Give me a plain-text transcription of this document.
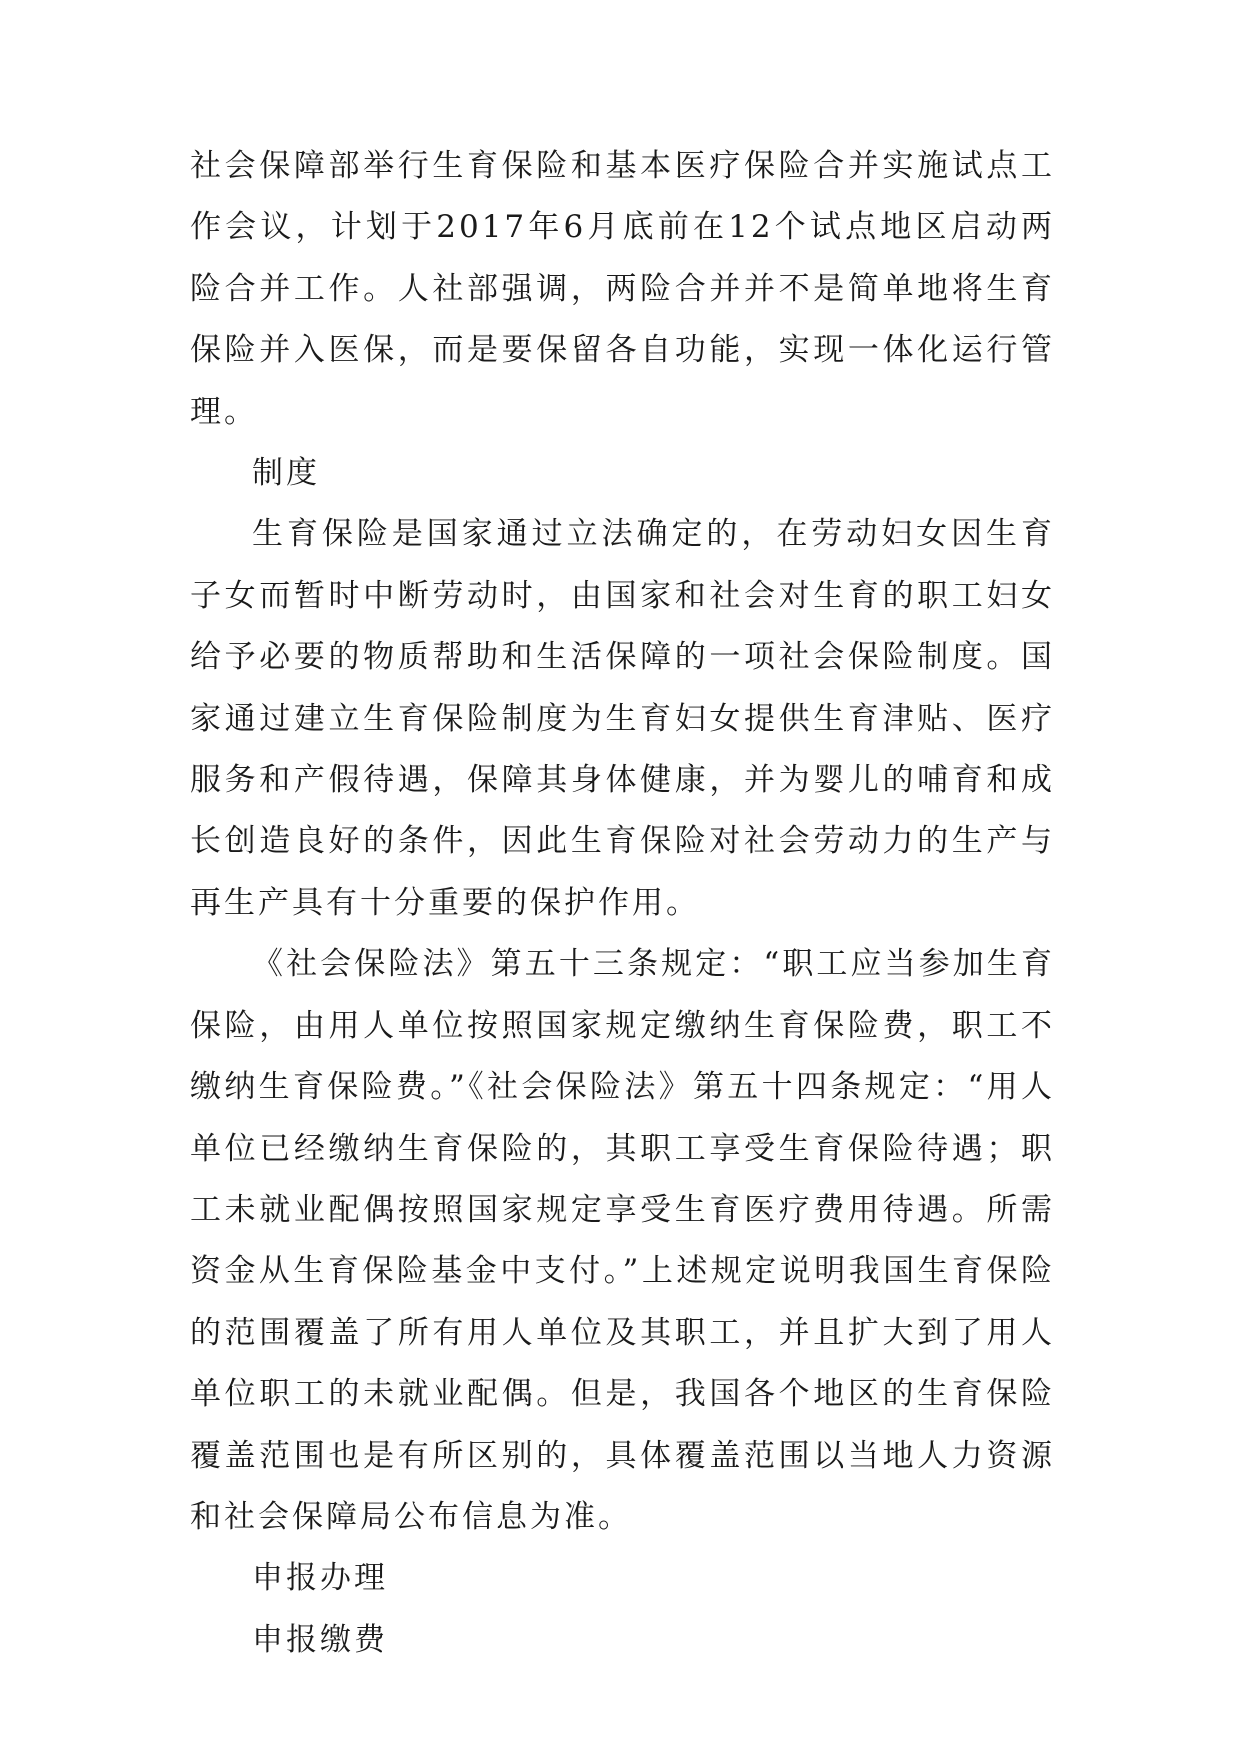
社会保障部举行生育保险和基本医疗保险合并实施试点工作会议，计划于2017年6月底前在12个试点地区启动两险合并工作。人社部强调，两险合并并不是简单地将生育保险并入医保，而是要保留各自功能，实现一体化运行管理。

制度

生育保险是国家通过立法确定的，在劳动妇女因生育子女而暂时中断劳动时，由国家和社会对生育的职工妇女给予必要的物质帮助和生活保障的一项社会保险制度。国家通过建立生育保险制度为生育妇女提供生育津贴、医疗服务和产假待遇，保障其身体健康，并为婴儿的哺育和成长创造良好的条件，因此生育保险对社会劳动力的生产与再生产具有十分重要的保护作用。

《社会保险法》第五十三条规定：“职工应当参加生育保险，由用人单位按照国家规定缴纳生育保险费，职工不缴纳生育保险费。”《社会保险法》第五十四条规定：“用人单位已经缴纳生育保险的，其职工享受生育保险待遇；职工未就业配偶按照国家规定享受生育医疗费用待遇。所需资金从生育保险基金中支付。”上述规定说明我国生育保险的范围覆盖了所有用人单位及其职工，并且扩大到了用人单位职工的未就业配偶。但是，我国各个地区的生育保险覆盖范围也是有所区别的，具体覆盖范围以当地人力资源和社会保障局公布信息为准。

申报办理

申报缴费
